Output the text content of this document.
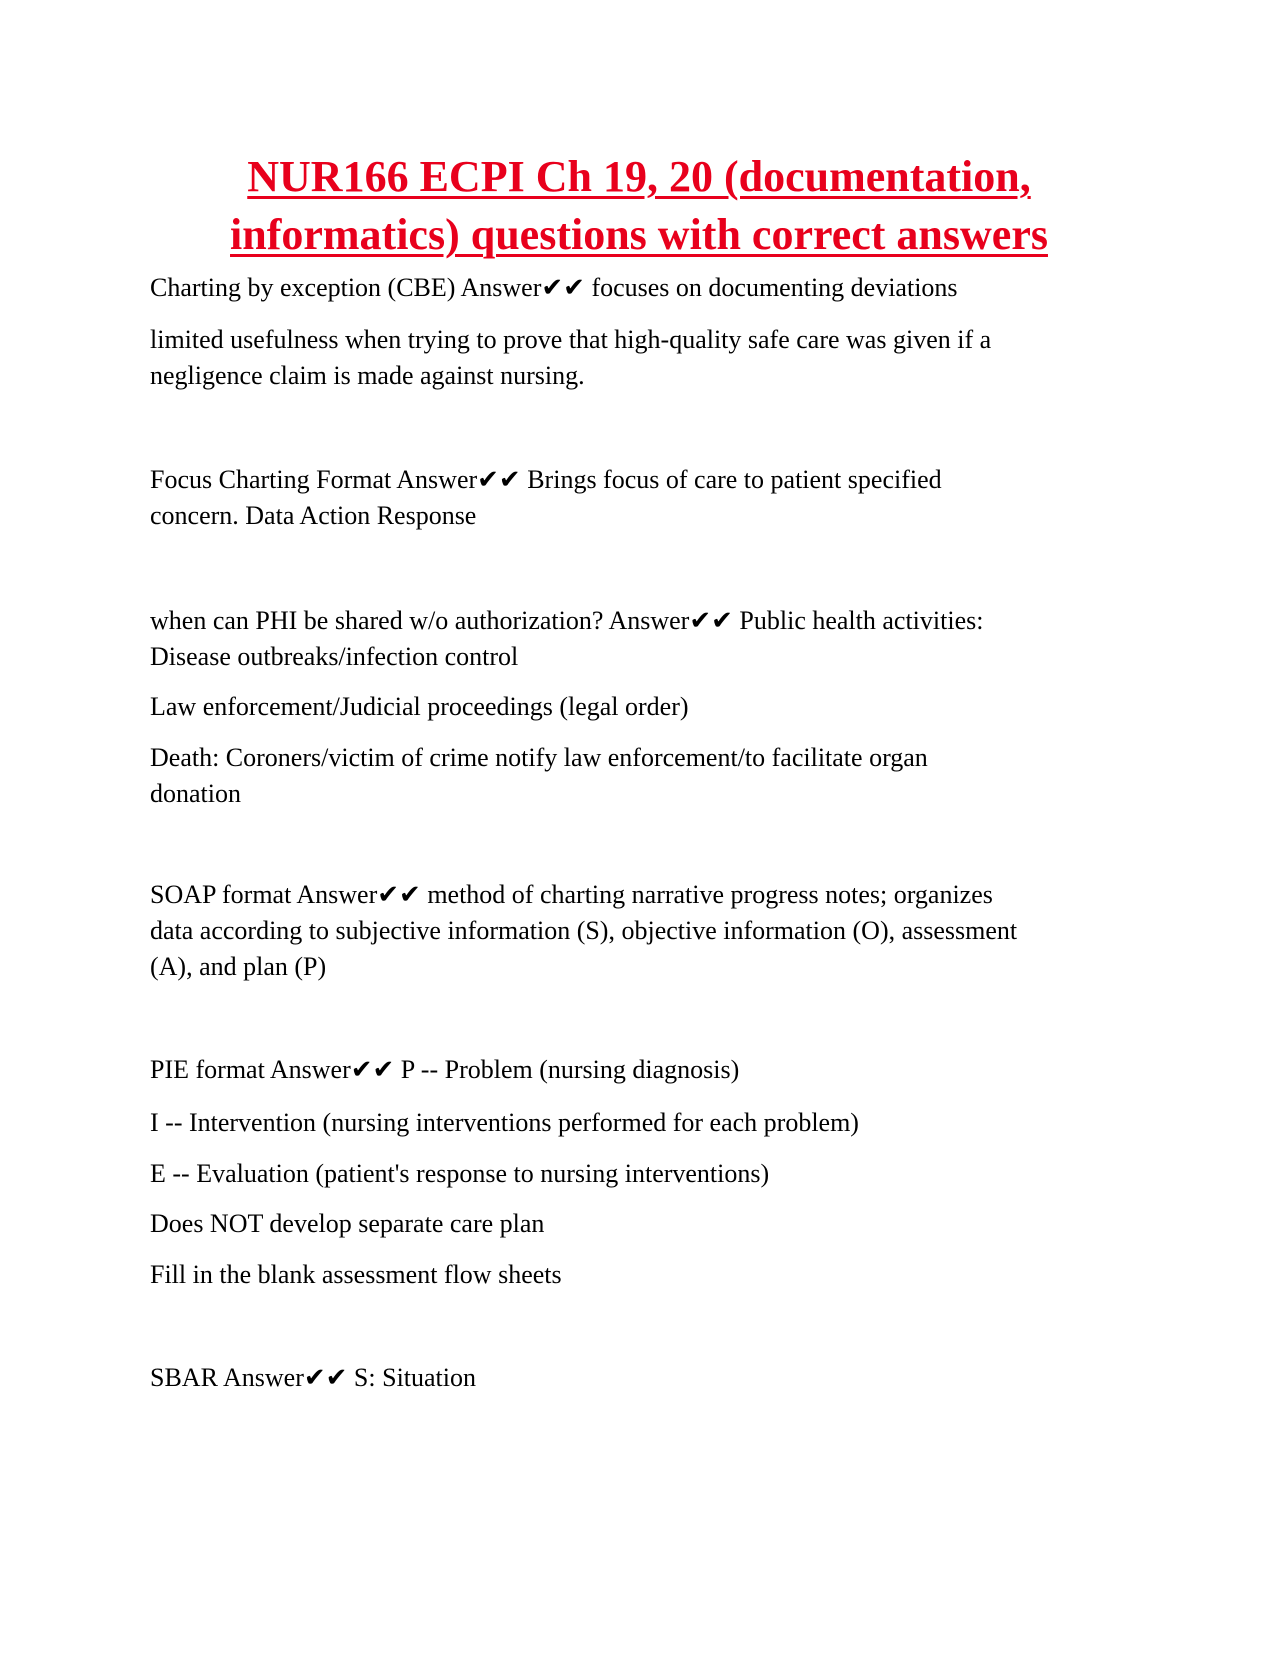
NUR166 ECPI Ch 19, 20 (documentation,
informatics) questions with correct answers

Charting by exception (CBE) Answer✔✔ focuses on documenting deviations

limited usefulness when trying to prove that high-quality safe care was given if a
negligence claim is made against nursing.

Focus Charting Format Answer✔✔ Brings focus of care to patient specified
concern. Data Action Response

when can PHI be shared w/o authorization? Answer✔✔ Public health activities:
Disease outbreaks/infection control

Law enforcement/Judicial proceedings (legal order)

Death: Coroners/victim of crime notify law enforcement/to facilitate organ
donation

SOAP format Answer✔✔ method of charting narrative progress notes; organizes
data according to subjective information (S), objective information (O), assessment
(A), and plan (P)

PIE format Answer✔✔ P -- Problem (nursing diagnosis)

I -- Intervention (nursing interventions performed for each problem)

E -- Evaluation (patient's response to nursing interventions)

Does NOT develop separate care plan

Fill in the blank assessment flow sheets

SBAR Answer✔✔ S: Situation
